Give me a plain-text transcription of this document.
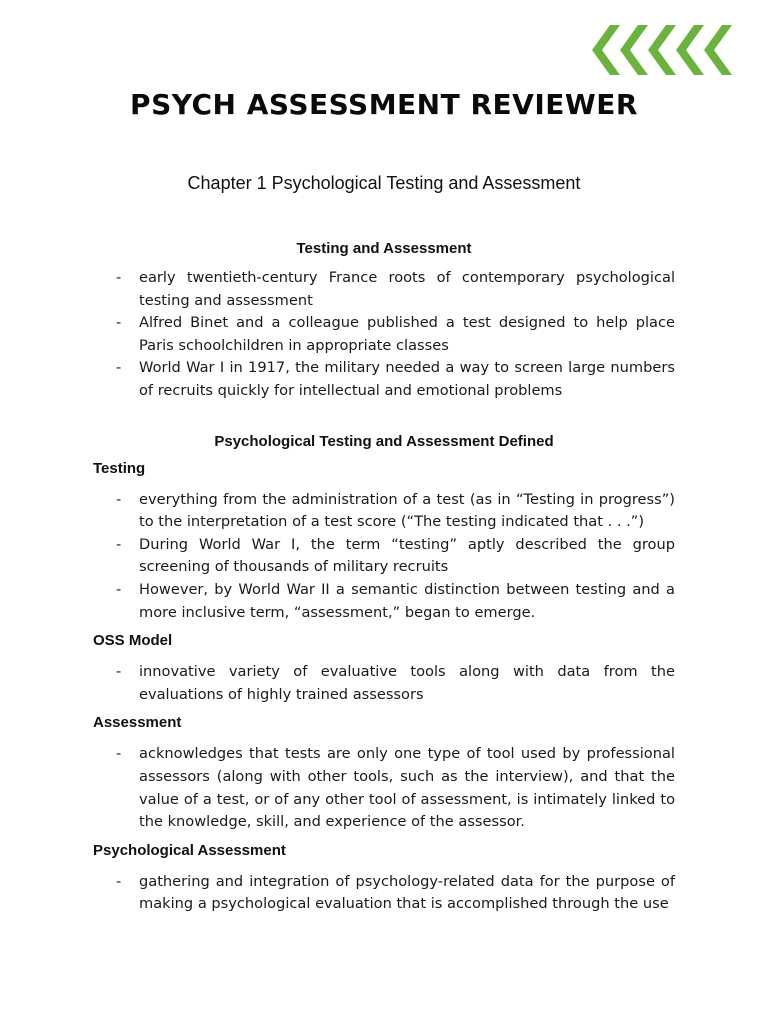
PSYCH ASSESSMENT REVIEWER
Chapter 1 Psychological Testing and Assessment
Testing and Assessment
- early twentieth-century France roots of contemporary psychological testing and assessment
- Alfred Binet and a colleague published a test designed to help place Paris schoolchildren in appropriate classes
- World War I in 1917, the military needed a way to screen large numbers of recruits quickly for intellectual and emotional problems
Psychological Testing and Assessment Defined
Testing
- everything from the administration of a test (as in “Testing in progress”) to the interpretation of a test score (“The testing indicated that . . .”)
- During World War I, the term “testing” aptly described the group screening of thousands of military recruits
- However, by World War II a semantic distinction between testing and a more inclusive term, “assessment,” began to emerge.
OSS Model
- innovative variety of evaluative tools along with data from the evaluations of highly trained assessors
Assessment
- acknowledges that tests are only one type of tool used by professional assessors (along with other tools, such as the interview), and that the value of a test, or of any other tool of assessment, is intimately linked to the knowledge, skill, and experience of the assessor.
Psychological Assessment
- gathering and integration of psychology-related data for the purpose of making a psychological evaluation that is accomplished through the use
